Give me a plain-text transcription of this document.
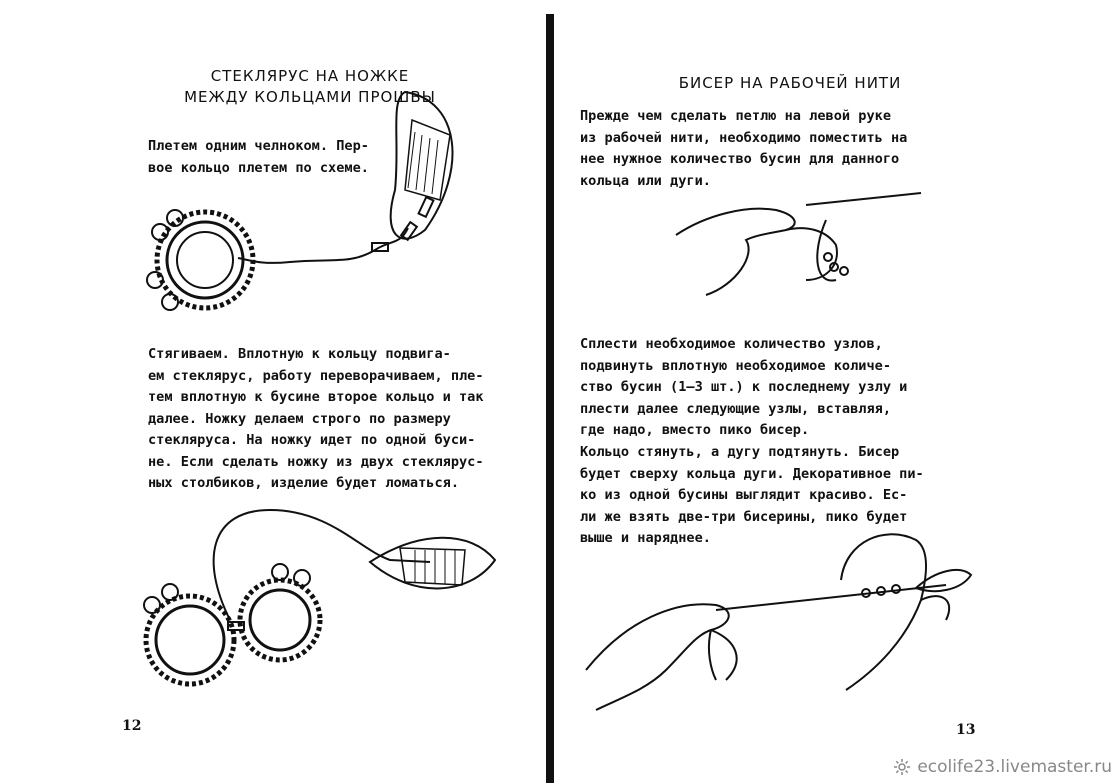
СТЕКЛЯРУС НА НОЖКЕ
МЕЖДУ КОЛЬЦАМИ ПРОШВЫ
Плетем одним челноком. Пер-
вое кольцо плетем по схеме.
Стягиваем. Вплотную к кольцу подвига-
ем стеклярус, работу переворачиваем, пле-
тем вплотную к бусине второе кольцо и так
далее. Ножку делаем строго по размеру
стекляруса. На ножку идет по одной буси-
не. Если сделать ножку из двух стеклярус-
ных столбиков, изделие будет ломаться.
12
БИСЕР НА РАБОЧЕЙ НИТИ
Прежде чем сделать петлю на левой руке
из рабочей нити, необходимо поместить на
нее нужное количество бусин для данного
кольца или дуги.
Сплести необходимое количество узлов,
подвинуть вплотную необходимое количе-
ство бусин (1–3 шт.) к последнему узлу и
плести далее следующие узлы, вставляя,
где надо, вместо пико бисер.
Кольцо стянуть, а дугу подтянуть. Бисер
будет сверху кольца дуги. Декоративное пи-
ко из одной бусины выглядит красиво. Ес-
ли же взять две-три бисерины, пико будет
выше и наряднее.
13
ecolife23.livemaster.ru
